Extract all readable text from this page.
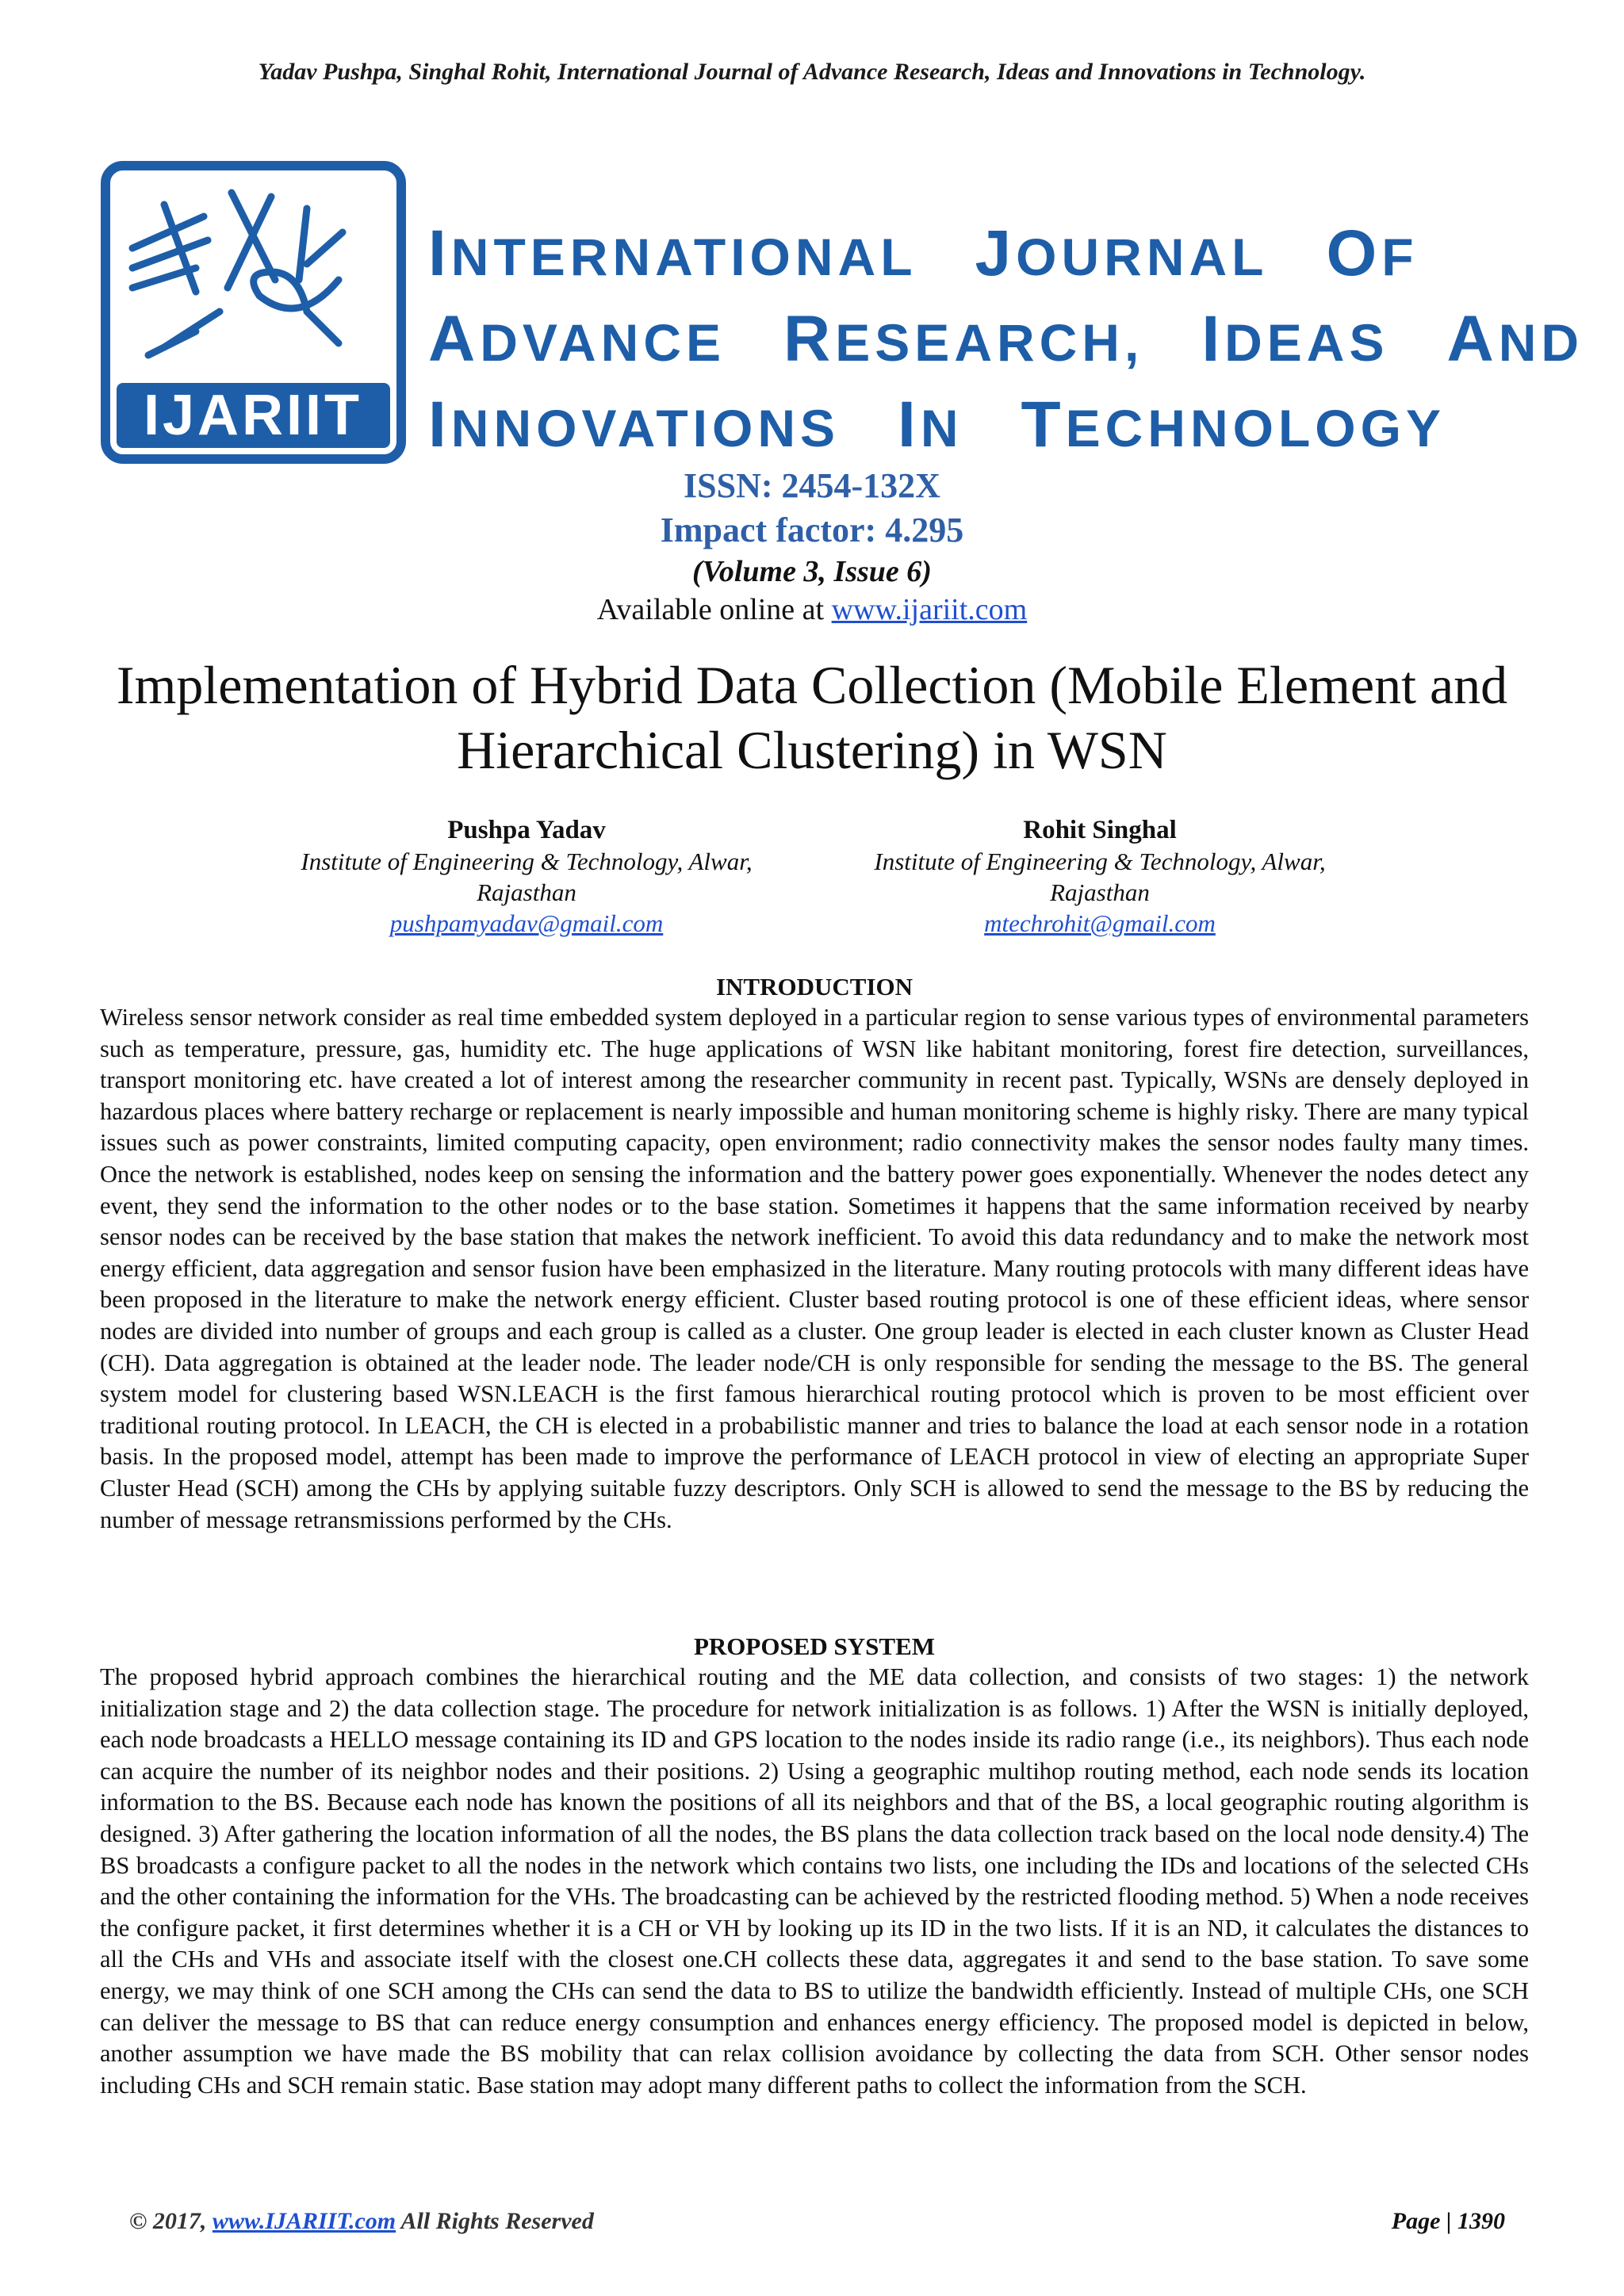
Yadav Pushpa, Singhal Rohit, International Journal of Advance Research, Ideas and Innovations in Technology.
IJARIIT
INTERNATIONAL JOURNAL OF
ADVANCE RESEARCH, IDEAS AND
INNOVATIONS IN TECHNOLOGY
ISSN: 2454-132X
Impact factor: 4.295
(Volume 3, Issue 6)
Available online at www.ijariit.com
Implementation of Hybrid Data Collection (Mobile Element and
Hierarchical Clustering) in WSN
Pushpa Yadav
Institute of Engineering & Technology, Alwar,
Rajasthan
pushpamyadav@gmail.com
Rohit Singhal
Institute of Engineering & Technology, Alwar,
Rajasthan
mtechrohit@gmail.com
INTRODUCTION

Wireless sensor network consider as real time embedded system deployed in a particular region to sense various types of environmental parameters such as temperature, pressure, gas, humidity etc. The huge applications of WSN like habitant monitoring, forest fire detection, surveillances, transport monitoring etc. have created a lot of interest among the researcher community in recent past. Typically, WSNs are densely deployed in hazardous places where battery recharge or replacement is nearly impossible and human monitoring scheme is highly risky. There are many typical issues such as power constraints, limited computing capacity, open environment; radio connectivity makes the sensor nodes faulty many times. Once the network is established, nodes keep on sensing the information and the battery power goes exponentially. Whenever the nodes detect any event, they send the information to the other nodes or to the base station. Sometimes it happens that the same information received by nearby sensor nodes can be received by the base station that makes the network inefficient. To avoid this data redundancy and to make the network most energy efficient, data aggregation and sensor fusion have been emphasized in the literature. Many routing protocols with many different ideas have been proposed in the literature to make the network energy efficient. Cluster based routing protocol is one of these efficient ideas, where sensor nodes are divided into number of groups and each group is called as a cluster. One group leader is elected in each cluster known as Cluster Head (CH). Data aggregation is obtained at the leader node. The leader node/CH is only responsible for sending the message to the BS. The general system model for clustering based WSN.LEACH is the first famous hierarchical routing protocol which is proven to be most efficient over traditional routing protocol. In LEACH, the CH is elected in a probabilistic manner and tries to balance the load at each sensor node in a rotation basis. In the proposed model, attempt has been made to improve the performance of LEACH protocol in view of electing an appropriate Super Cluster Head (SCH) among the CHs by applying suitable fuzzy descriptors. Only SCH is allowed to send the message to the BS by reducing the number of message retransmissions performed by the CHs.

PROPOSED SYSTEM

The proposed hybrid approach combines the hierarchical routing and the ME data collection, and consists of two stages: 1) the network initialization stage and 2) the data collection stage. The procedure for network initialization is as follows. 1) After the WSN is initially deployed, each node broadcasts a HELLO message containing its ID and GPS location to the nodes inside its radio range (i.e., its neighbors). Thus each node can acquire the number of its neighbor nodes and their positions. 2) Using a geographic multihop routing method, each node sends its location information to the BS. Because each node has known the positions of all its neighbors and that of the BS, a local geographic routing algorithm is designed. 3) After gathering the location information of all the nodes, the BS plans the data collection track based on the local node density.4) The BS broadcasts a configure packet to all the nodes in the network which contains two lists, one including the IDs and locations of the selected CHs and the other containing the information for the VHs. The broadcasting can be achieved by the restricted flooding method. 5) When a node receives the configure packet, it first determines whether it is a CH or VH by looking up its ID in the two lists. If it is an ND, it calculates the distances to all the CHs and VHs and associate itself with the closest one.CH collects these data, aggregates it and send to the base station. To save some energy, we may think of one SCH among the CHs can send the data to BS to utilize the bandwidth efficiently. Instead of multiple CHs, one SCH can deliver the message to BS that can reduce energy consumption and enhances energy efficiency. The proposed model is depicted in below, another assumption we have made the BS mobility that can relax collision avoidance by collecting the data from SCH. Other sensor nodes including CHs and SCH remain static. Base station may adopt many different paths to collect the information from the SCH.

© 2017, www.IJARIIT.com All Rights Reserved	Page | 1390
